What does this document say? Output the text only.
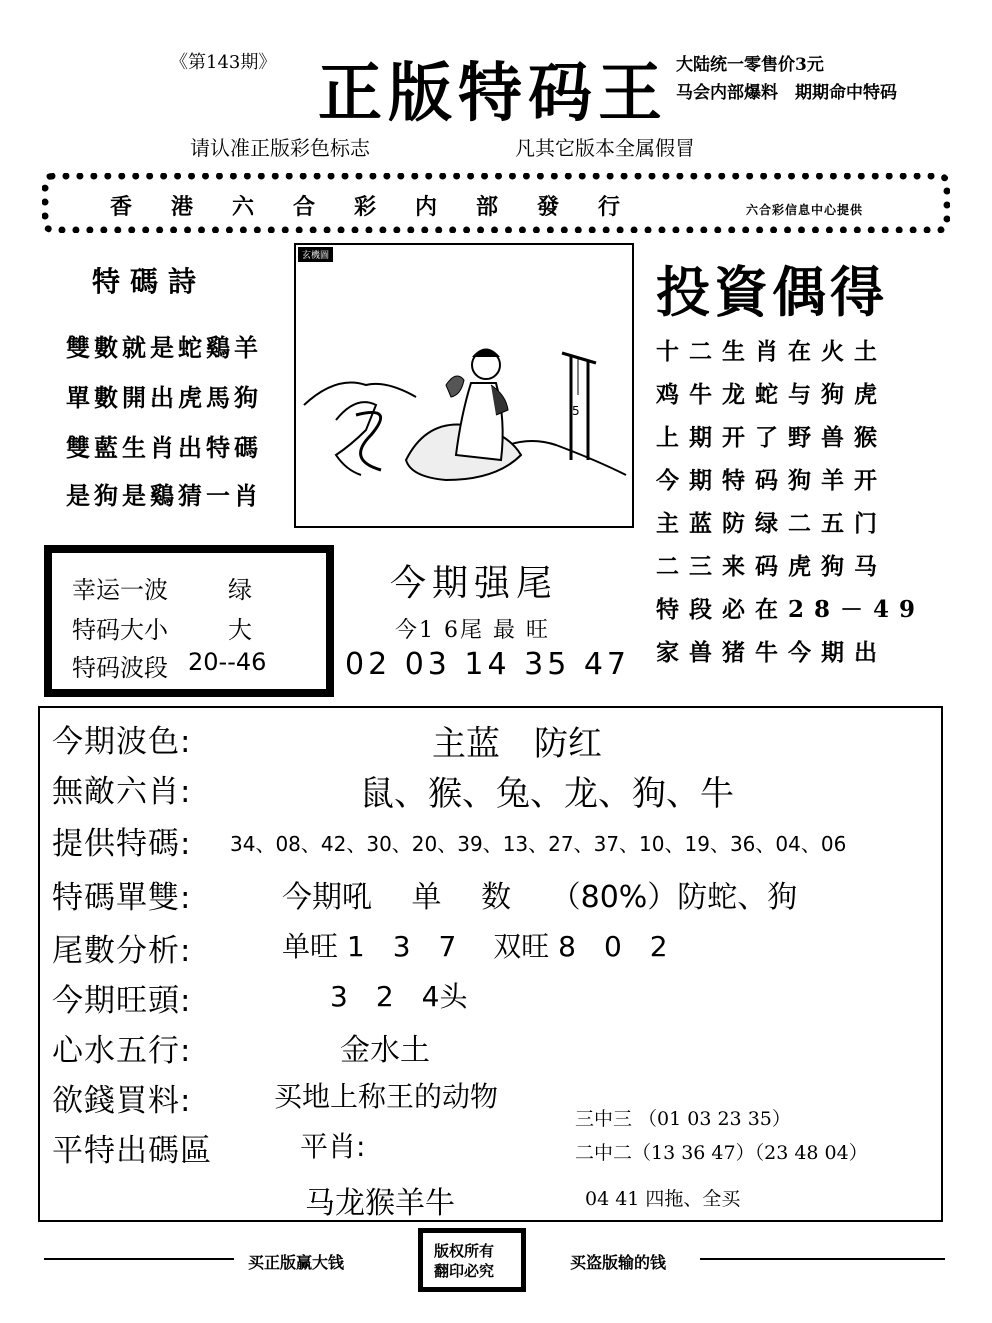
《第143期》 正版特码王 大陆统一零售价3元
马会内部爆料　期期命中特码
请认准正版彩色标志	凡其它版本全属假冒
香港六合彩内部發行	六合彩信息中心提供
特碼詩
雙數就是蛇鷄羊
單數開出虎馬狗
雙藍生肖出特碼
是狗是鷄猜一肖
5
玄機圖
投資偶得
十二生肖在火土
鸡牛龙蛇与狗虎
上期开了野兽猴
今期特码狗羊开
主蓝防绿二五门
二三来码虎狗马
特段必在28－49
家兽猪牛今期出
幸运一波	绿
特码大小	大
特码波段 20--46
今期强尾
今1 6尾 最 旺
02 03 14 35 47
今期波色:	主蓝　防红
無敵六肖:	鼠、猴、兔、龙、狗、牛
提供特碼: 34、08、42、30、20、39、13、27、37、10、19、36、04、06
特碼單雙:	今期吼　 单　 数　 （80%）防蛇、狗
尾數分析:	单旺 1　3　7　 双旺 8　0　2
今期旺頭:	3　2　4头
心水五行:	金水土
欲錢買料:	买地上称王的动物
平特出碼區	平肖:
马龙猴羊牛
三中三 （01 03 23 35）
二中二（13 36 47）（23 48 04）
04 41 四拖、全买
买正版赢大钱
版权所有
翻印必究	买盗版输的钱
